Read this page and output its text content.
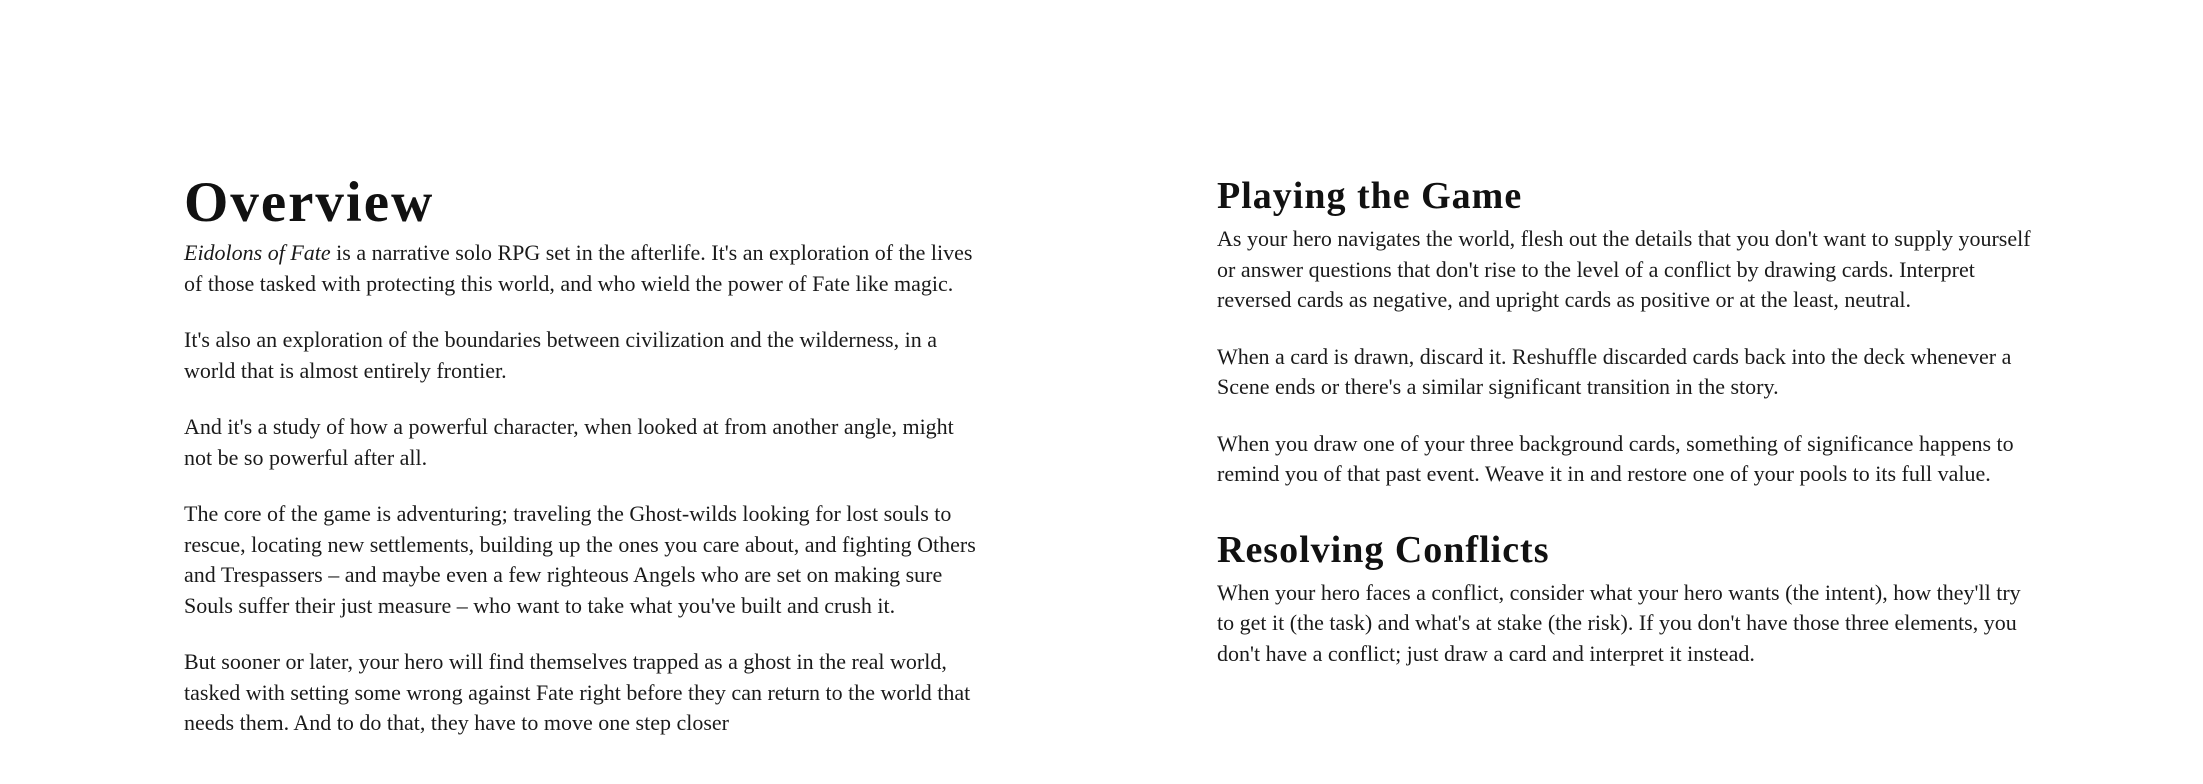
Overview

Eidolons of Fate is a narrative solo RPG set in the afterlife. It's an exploration of the lives of those tasked with protecting this world, and who wield the power of Fate like magic.

It's also an exploration of the boundaries between civilization and the wilderness, in a world that is almost entirely frontier.

And it's a study of how a powerful character, when looked at from another angle, might not be so powerful after all.

The core of the game is adventuring; traveling the Ghost-wilds looking for lost souls to rescue, locating new settlements, building up the ones you care about, and fighting Others and Trespassers – and maybe even a few righteous Angels who are set on making sure Souls suffer their just measure – who want to take what you've built and crush it.

But sooner or later, your hero will find themselves trapped as a ghost in the real world, tasked with setting some wrong against Fate right before they can return to the world that needs them. And to do that, they have to move one step closer

Playing the Game

As your hero navigates the world, flesh out the details that you don't want to supply yourself or answer questions that don't rise to the level of a conflict by drawing cards. Interpret reversed cards as negative, and upright cards as positive or at the least, neutral.

When a card is drawn, discard it. Reshuffle discarded cards back into the deck whenever a Scene ends or there's a similar significant transition in the story.

When you draw one of your three background cards, something of significance happens to remind you of that past event. Weave it in and restore one of your pools to its full value.

Resolving Conflicts

When your hero faces a conflict, consider what your hero wants (the intent), how they'll try to get it (the task) and what's at stake (the risk). If you don't have those three elements, you don't have a conflict; just draw a card and interpret it instead.
